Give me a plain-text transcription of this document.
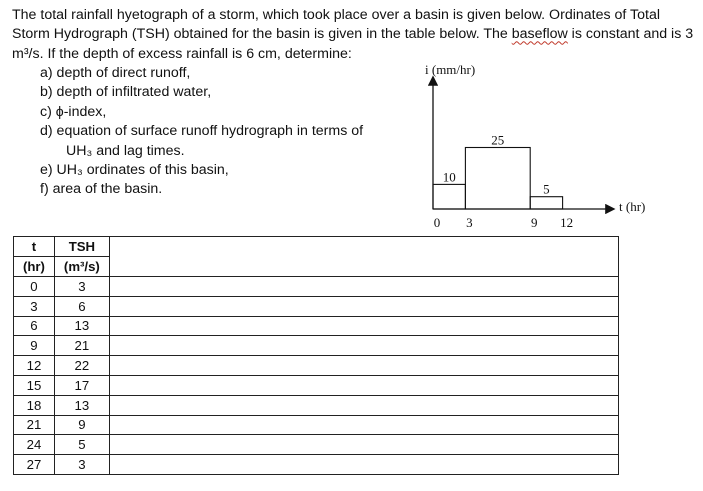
The total rainfall hyetograph of a storm, which took place over a basin is given below. Ordinates of Total Storm Hydrograph (TSH) obtained for the basin is given in the table below. The baseflow is constant and is 3 m³/s. If the depth of excess rainfall is 6 cm, determine:

a) depth of direct runoff,
b) depth of infiltrated water,
c) ϕ-index,
d) equation of surface runoff hydrograph in terms of
UH₃ and lag times.
e) UH₃ ordinates of this basin,
f) area of the basin.
i (mm/hr)
t (hr)
10
25
5
0 3	9 12
t	TSH	
(hr)	(m³/s)	
0	3	
3	6	
6	13	
9	21	
12	22	
15	17	
18	13	
21	9	
24	5	
27	3	
